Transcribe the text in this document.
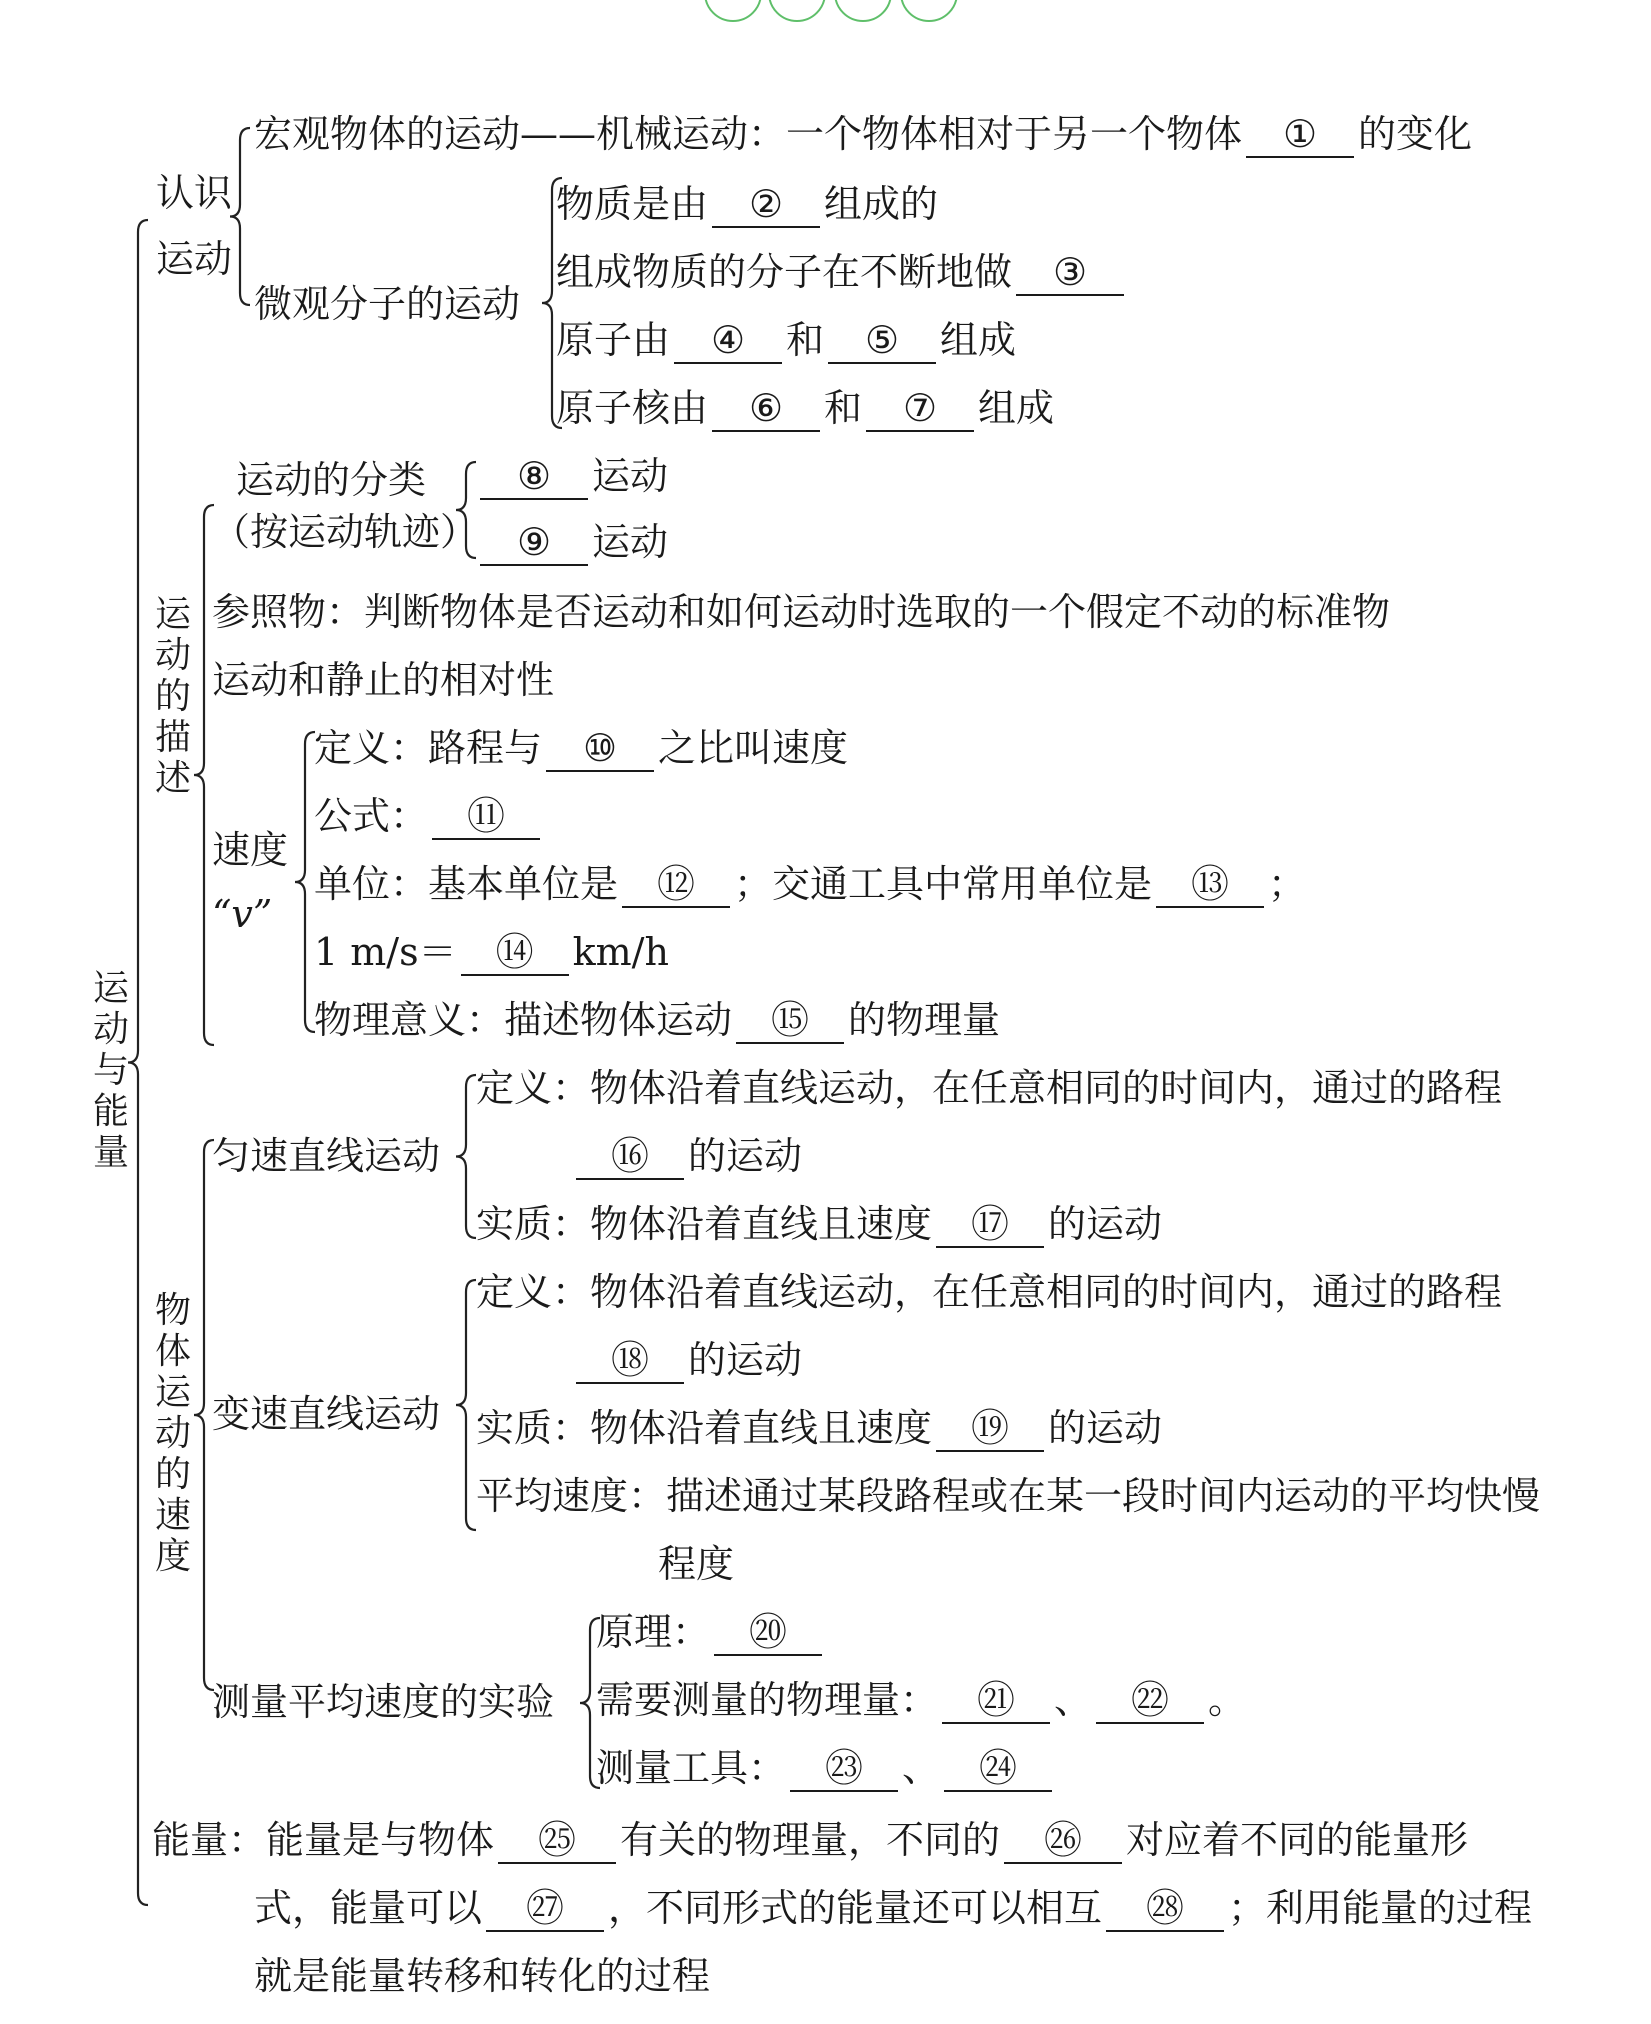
运动与能量
认识运动
宏观物体的运动——机械运动：一个物体相对于另一个物体 ① 的变化
微观分子的运动
物质是由 ② 组成的
组成物质的分子在不断地做 ③
原子由 ④ 和 ⑤ 组成
原子核由 ⑥ 和 ⑦ 组成
运动的描述
运动的分类
（按运动轨迹）
⑧ 运动
⑨ 运动
参照物：判断物体是否运动和如何运动时选取的一个假定不动的标准物
运动和静止的相对性
速度
“v”
定义：路程与 ⑩ 之比叫速度
公式： ⑪
单位：基本单位是 ⑫ ；交通工具中常用单位是 ⑬ ；
1 m/s＝ ⑭ km/h
物理意义：描述物体运动 ⑮ 的物理量
物体运动的速度
匀速直线运动
定义：物体沿着直线运动，在任意相同的时间内，通过的路程
⑯ 的运动
实质：物体沿着直线且速度 ⑰ 的运动
变速直线运动
定义：物体沿着直线运动，在任意相同的时间内，通过的路程
⑱ 的运动
实质：物体沿着直线且速度 ⑲ 的运动
平均速度：描述通过某段路程或在某一段时间内运动的平均快慢
程度
测量平均速度的实验
原理： ⑳
需要测量的物理量： ㉑ 、 ㉒ 。
测量工具： ㉓ 、 ㉔
能量：能量是与物体 ㉕ 有关的物理量，不同的 ㉖ 对应着不同的能量形
式，能量可以 ㉗ ，不同形式的能量还可以相互 ㉘ ；利用能量的过程
就是能量转移和转化的过程
